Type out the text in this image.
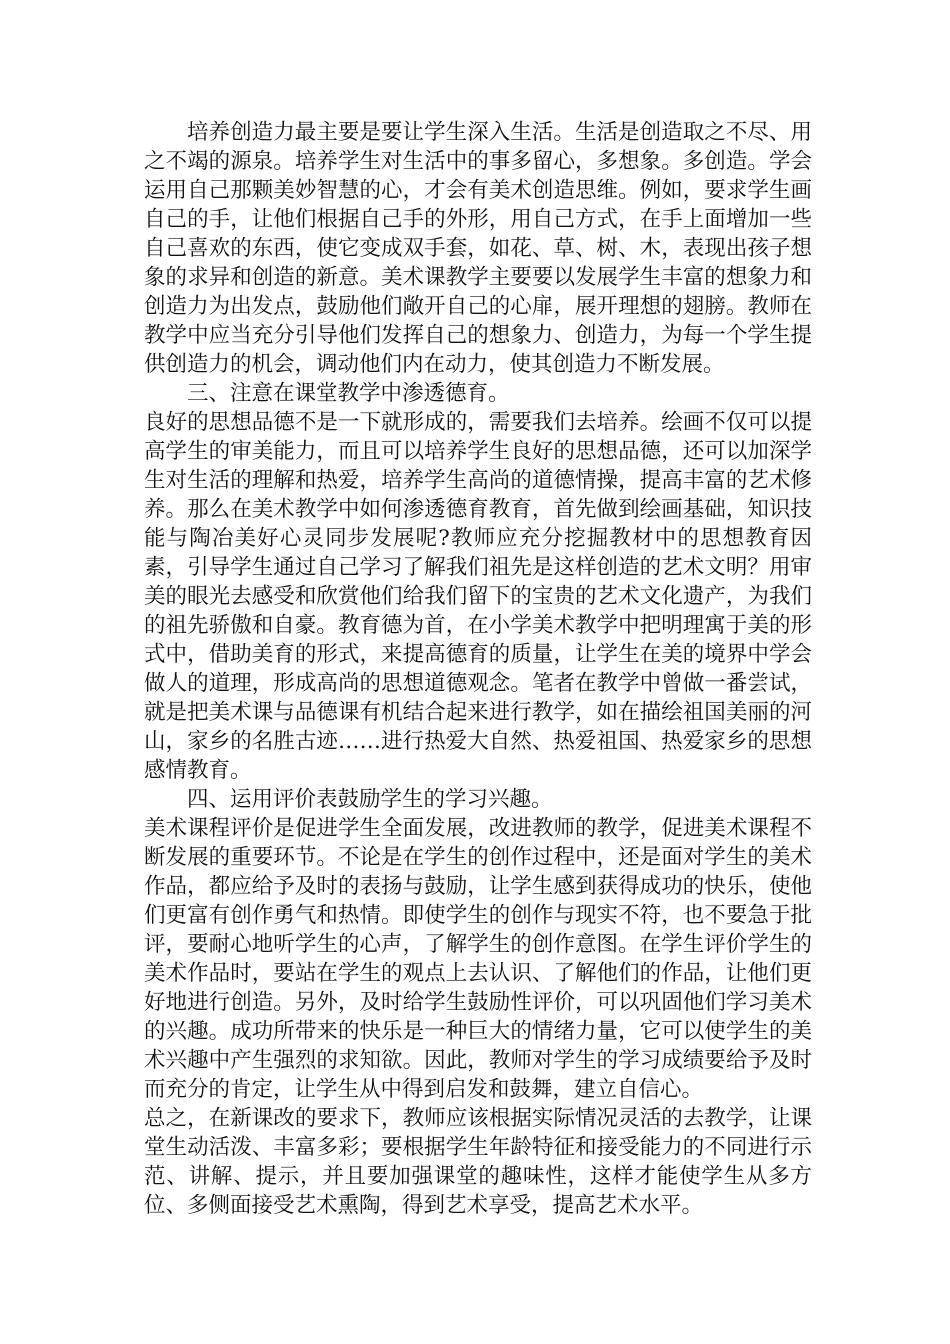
培养创造力最主要是要让学生深入生活。生活是创造取之不尽、用之不竭的源泉。培养学生对生活中的事多留心，多想象。多创造。学会运用自己那颗美妙智慧的心，才会有美术创造思维。例如，要求学生画自己的手，让他们根据自己手的外形，用自己方式，在手上面增加一些自己喜欢的东西，使它变成双手套，如花、草、树、木，表现出孩子想象的求异和创造的新意。美术课教学主要要以发展学生丰富的想象力和创造力为出发点，鼓励他们敞开自己的心扉，展开理想的翅膀。教师在教学中应当充分引导他们发挥自己的想象力、创造力，为每一个学生提供创造力的机会，调动他们内在动力，使其创造力不断发展。

三、注意在课堂教学中渗透德育。

良好的思想品德不是一下就形成的，需要我们去培养。绘画不仅可以提高学生的审美能力，而且可以培养学生良好的思想品德，还可以加深学生对生活的理解和热爱，培养学生高尚的道德情操，提高丰富的艺术修养。那么在美术教学中如何渗透德育教育，首先做到绘画基础，知识技能与陶冶美好心灵同步发展呢?教师应充分挖掘教材中的思想教育因素，引导学生通过自己学习了解我们祖先是这样创造的艺术文明？用审美的眼光去感受和欣赏他们给我们留下的宝贵的艺术文化遗产，为我们的祖先骄傲和自豪。教育德为首，在小学美术教学中把明理寓于美的形式中，借助美育的形式，来提高德育的质量，让学生在美的境界中学会做人的道理，形成高尚的思想道德观念。笔者在教学中曾做一番尝试，就是把美术课与品德课有机结合起来进行教学，如在描绘祖国美丽的河山，家乡的名胜古迹……进行热爱大自然、热爱祖国、热爱家乡的思想感情教育。

四、运用评价表鼓励学生的学习兴趣。

美术课程评价是促进学生全面发展，改进教师的教学，促进美术课程不断发展的重要环节。不论是在学生的创作过程中，还是面对学生的美术作品，都应给予及时的表扬与鼓励，让学生感到获得成功的快乐，使他们更富有创作勇气和热情。即使学生的创作与现实不符，也不要急于批评，要耐心地听学生的心声，了解学生的创作意图。在学生评价学生的美术作品时，要站在学生的观点上去认识、了解他们的作品，让他们更好地进行创造。另外，及时给学生鼓励性评价，可以巩固他们学习美术的兴趣。成功所带来的快乐是一种巨大的情绪力量，它可以使学生的美术兴趣中产生强烈的求知欲。因此，教师对学生的学习成绩要给予及时而充分的肯定，让学生从中得到启发和鼓舞，建立自信心。

总之，在新课改的要求下，教师应该根据实际情况灵活的去教学，让课堂生动活泼、丰富多彩；要根据学生年龄特征和接受能力的不同进行示范、讲解、提示，并且要加强课堂的趣味性，这样才能使学生从多方位、多侧面接受艺术熏陶，得到艺术享受，提高艺术水平。
